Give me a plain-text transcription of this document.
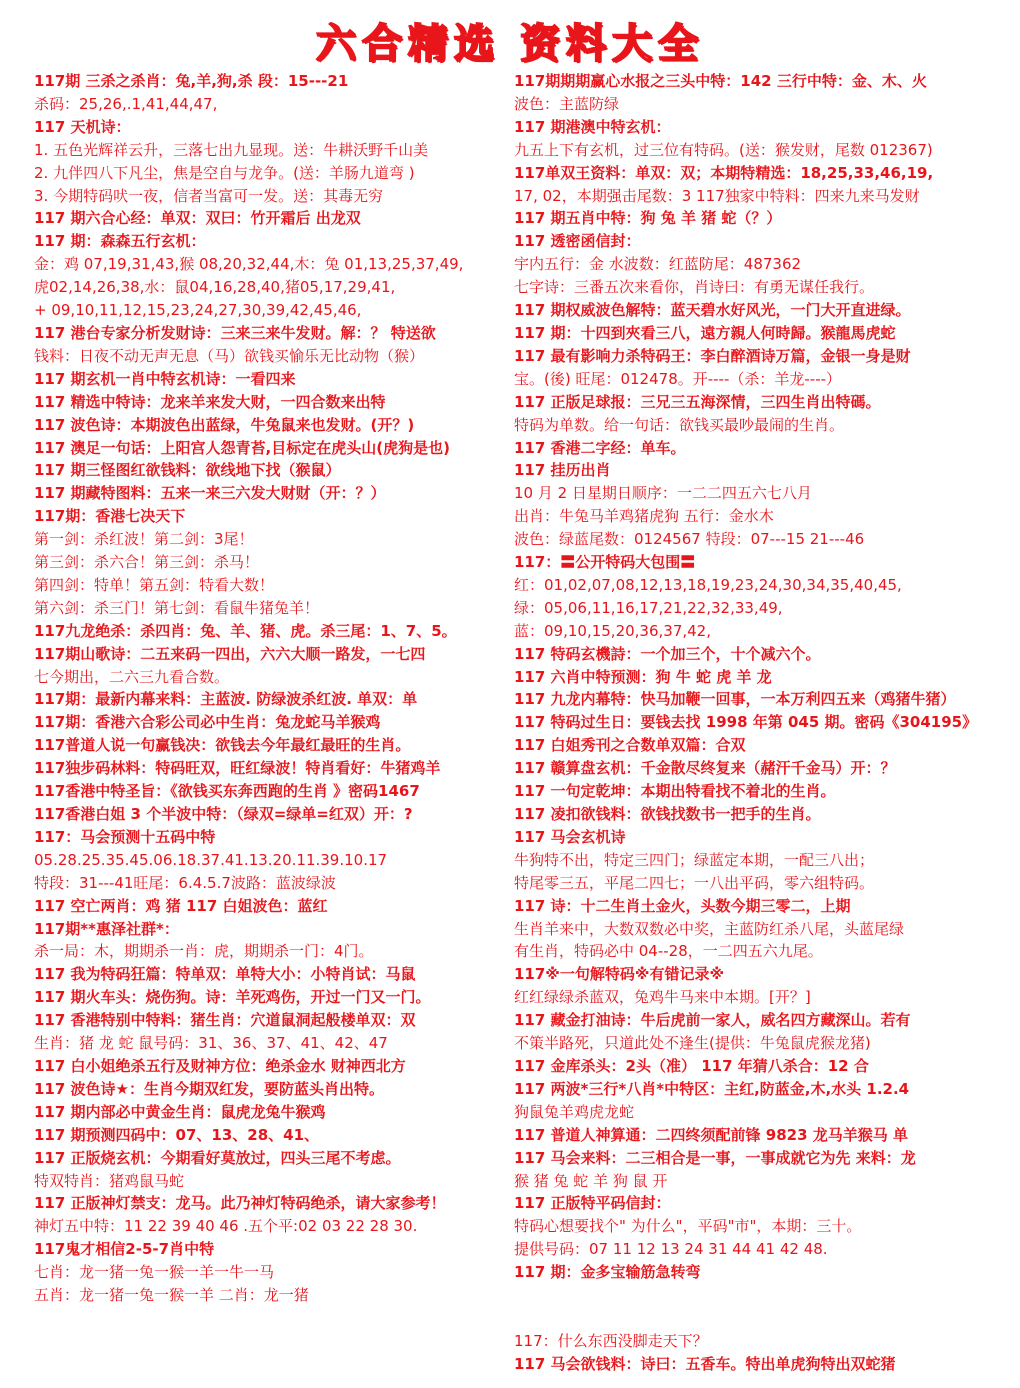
六合精选 资料大全

117期 三杀之杀肖：兔,羊,狗,杀 段：15---21

杀码：25,26,.1,41,44,47,

117 天机诗：

1. 五色光辉祥云升，三落七出九显现。送：牛耕沃野千山美

2. 九伴四八下凡尘，焦是空自与龙争。(送：羊肠九道弯 )

3. 今期特码吠一夜，信者当富可一发。送：其毒无穷

117 期六合心经：单双：双曰：竹开霜后 出龙双

117 期：森森五行玄机：

金：鸡 07,19,31,43,猴 08,20,32,44,木：兔 01,13,25,37,49,

虎02,14,26,38,水：鼠04,16,28,40,猪05,17,29,41,

+ 09,10,11,12,15,23,24,27,30,39,42,45,46,

117 港台专家分析发财诗：三来三来牛发财。解：？ 特送欲

钱料：日夜不动无声无息（马）欲钱买愉乐无比动物（猴）

117 期玄机一肖中特玄机诗：一看四来

117 精选中特诗：龙来羊来发大财，一四合数来出特

117 波色诗：本期波色出蓝绿，牛兔鼠来也发财。(开？)

117 澳足一句话：上阳宫人怨青苔,目标定在虎头山(虎狗是也)

117 期三怪图红欲钱料：欲线地下找（猴鼠）

117 期藏特图料：五来一来三六发大财财（开：？）

117期：香港七决天下

第一剑：杀红波！第二剑：3尾！

第三剑：杀六合！第三剑：杀马！

第四剑：特单！第五剑：特看大数！

第六剑：杀三门！第七剑：看鼠牛猪兔羊！

117九龙绝杀：杀四肖：兔、羊、猪、虎。杀三尾：1、7、5。

117期山歌诗：二五来码一四出，六六大顺一路发，一七四

七今期出，二六三九看合数。

117期：最新内幕来料：主蓝波. 防绿波杀红波. 单双：单

117期：香港六合彩公司必中生肖：兔龙蛇马羊猴鸡

117普道人说一句赢钱决：欲钱去今年最红最旺的生肖。

117独步码林料：特码旺双，旺红绿波！特肖看好：牛猪鸡羊

117香港中特圣旨：《欲钱买东奔西跑的生肖 》密码1467

117香港白姐 3 个半波中特：（绿双=绿单=红双）开：?

117：马会预测十五码中特

05.28.25.35.45.06.18.37.41.13.20.11.39.10.17

特段：31---41旺尾：6.4.5.7波路：蓝波绿波

117 空亡两肖：鸡 猪 117 白姐波色：蓝红

117期**惠泽社群*：

杀一局：木，期期杀一肖：虎，期期杀一门：4门。

117 我为特码狂篇：特单双：单特大小：小特肖试：马鼠

117 期火车头：烧伤狗。诗：羊死鸡伤，开过一门又一门。

117 香港特别中特料：猪生肖：穴道鼠洞起般楼单双：双

生肖：猪 龙 蛇 鼠号码：31、36、37、41、42、47

117 白小姐绝杀五行及财神方位：绝杀金水 财神西北方

117 波色诗★：生肖今期双红发，要防蓝头肖出特。

117 期内部必中黄金生肖：鼠虎龙兔牛猴鸡

117 期预测四码中：07、13、28、41、

117 正版烧玄机：今期看好莫放过，四头三尾不考虑。

特双特肖：猪鸡鼠马蛇

117 正版神灯禁支：龙马。此乃神灯特码绝杀，请大家参考！

神灯五中特：11 22 39 40 46 .五个平:02 03 22 28 30.

117鬼才相信2-5-7肖中特

七肖：龙一猪一兔一猴一羊一牛一马

五肖：龙一猪一兔一猴一羊 二肖：龙一猪

117期期期赢心水报之三头中特：142 三行中特：金、木、火

波色：主蓝防绿

117 期港澳中特玄机：

九五上下有玄机，过三位有特码。(送：猴发财，尾数 012367)

117单双王资料：单双：双；本期特精选：18,25,33,46,19,

17, 02，本期强击尾数：3 117独家中特料：四来九来马发财

117 期五肖中特：狗 兔 羊 猪 蛇（？）

117 透密函信封：

宇内五行：金 水波数：红蓝防尾：487362

七字诗：三番五次来看你，肖诗曰：有勇无谋任我行。

117 期权威波色解特：蓝天碧水好风光，一门大开直进绿。

117 期：十四到夾看三八，遠方親人何時歸。猴龍馬虎蛇

117 最有影响力杀特码王：李白醉酒诗万篇，金银一身是财

宝。(後) 旺尾：012478。开----（杀：羊龙----）

117 正版足球报：三兄三五海深情，三四生肖出特碼。

特码为单数。给一句话：欲钱买最吵最闹的生肖。

117 香港二字经：单车。

117 挂历出肖

10 月 2 日星期日顺序：一二二四五六七八月

出肖：牛兔马羊鸡猪虎狗 五行：金水木

波色：绿蓝尾数：0124567 特段：07---15 21---46

117：〓公开特码大包围〓

红：01,02,07,08,12,13,18,19,23,24,30,34,35,40,45,

绿：05,06,11,16,17,21,22,32,33,49,

蓝：09,10,15,20,36,37,42,

117 特码玄機詩：一个加三个，十个减六个。

117 六肖中特预测：狗 牛 蛇 虎 羊 龙

117 九龙内幕特：快马加鞭一回事，一本万利四五来（鸡猪牛猪）

117 特码过生日：要钱去找 1998 年第 045 期。密码《304195》

117 白姐秀刊之合数单双篇：合双

117 赣算盘玄机：千金散尽终复来（赭汗千金马）开：？

117 一句定乾坤：本期出特看找不着北的生肖。

117 凌扣欲钱料：欲钱找数书一把手的生肖。

117 马会玄机诗

牛狗特不出，特定三四门；绿蓝定本期，一配三八出；

特尾零三五，平尾二四七；一八出平码，零六组特码。

117 诗：十二生肖土金火，头数今期三零二，上期

生肖羊来中，大数双数必中奖，主蓝防红杀八尾，头蓝尾绿

有生肖，特码必中 04--28，一二四五六九尾。

117※一句解特码※有错记录※

红红绿绿杀蓝双，兔鸡牛马来中本期。[开？]

117 藏金打油诗：牛后虎前一家人，威名四方藏深山。若有

不策半路死，只道此处不逢生(提供：牛兔鼠虎猴龙猪)

117 金库杀头：2头（准） 117 年猜八杀合：12 合

117 两波*三行*八肖*中特区：主红,防蓝金,木,水头 1.2.4

狗鼠兔羊鸡虎龙蛇

117 普道人神算通：二四终须配前锋 9823 龙马羊猴马 单

117 马会来料：二三相合是一事，一事成就它为先 来料：龙

猴 猪 兔 蛇 羊 狗 鼠 开

117 正版特平码信封：

特码心想要找个" 为什么"，平码"市"，本期：三十。

提供号码：07 11 12 13 24 31 44 41 42 48.

117 期：金多宝输筋急转弯

117：什么东西没脚走天下？

117 马会欲钱料：诗曰：五香车。特出单虎狗特出双蛇猪
